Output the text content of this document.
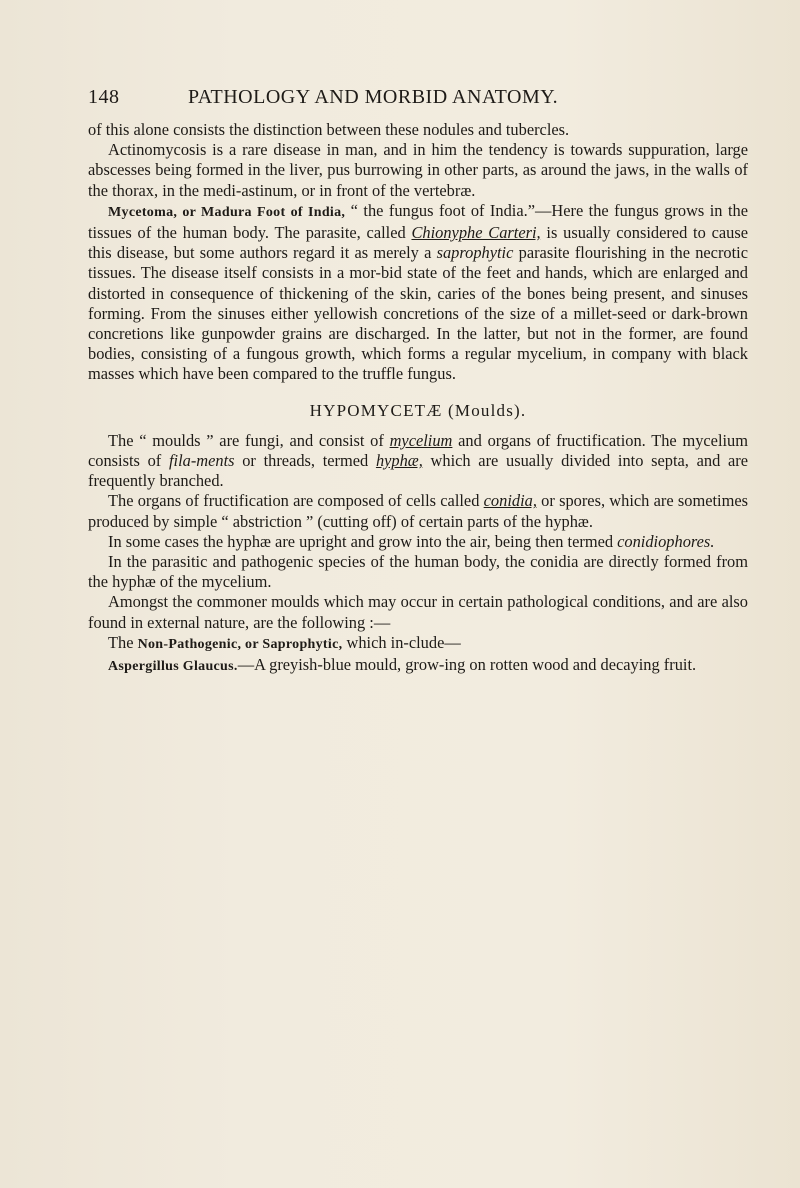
148	PATHOLOGY AND MORBID ANATOMY.

of this alone consists the distinction between these nodules and tubercles.

Actinomycosis is a rare disease in man, and in him the tendency is towards suppuration, large abscesses being formed in the liver, pus burrowing in other parts, as around the jaws, in the walls of the thorax, in the medi-astinum, or in front of the vertebræ.

Mycetoma, or Madura Foot of India, “ the fungus foot of India.”—Here the fungus grows in the tissues of the human body. The parasite, called Chionyphe Carteri, is usually considered to cause this disease, but some authors regard it as merely a saprophytic parasite flourishing in the necrotic tissues. The disease itself consists in a mor-bid state of the feet and hands, which are enlarged and distorted in consequence of thickening of the skin, caries of the bones being present, and sinuses forming. From the sinuses either yellowish concretions of the size of a millet-seed or dark-brown concretions like gunpowder grains are discharged. In the latter, but not in the former, are found bodies, consisting of a fungous growth, which forms a regular mycelium, in company with black masses which have been compared to the truffle fungus.

HYPOMYCETÆ (Moulds).

The “ moulds ” are fungi, and consist of mycelium and organs of fructification. The mycelium consists of fila-ments or threads, termed hyphæ, which are usually divided into septa, and are frequently branched.

The organs of fructification are composed of cells called conidia, or spores, which are sometimes produced by simple “ abstriction ” (cutting off) of certain parts of the hyphæ.

In some cases the hyphæ are upright and grow into the air, being then termed conidiophores.

In the parasitic and pathogenic species of the human body, the conidia are directly formed from the hyphæ of the mycelium.

Amongst the commoner moulds which may occur in certain pathological conditions, and are also found in external nature, are the following :—

The Non-Pathogenic, or Saprophytic, which in-clude—

Aspergillus Glaucus.—A greyish-blue mould, grow-ing on rotten wood and decaying fruit.
